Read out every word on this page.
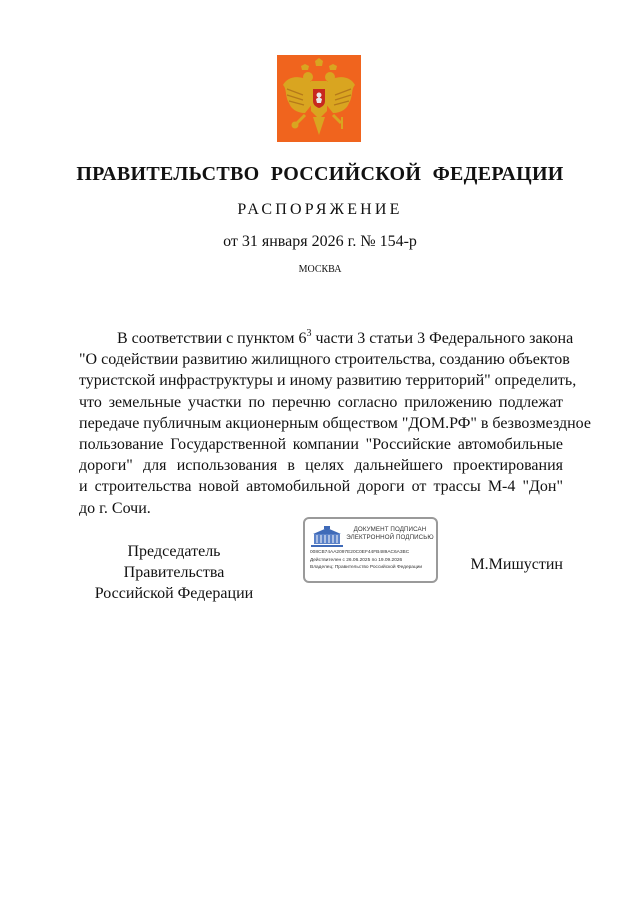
ПРАВИТЕЛЬСТВО РОССИЙСКОЙ ФЕДЕРАЦИИ
РАСПОРЯЖЕНИЕ
от 31 января 2026 г. № 154-р
МОСКВА
В соответствии с пунктом $6^3$ части 3 статьи 3 Федерального закона
"О содействии развитию жилищного строительства, созданию объектов
туристской инфраструктуры и иному развитию территорий" определить,
что земельные участки по перечню согласно приложению подлежат
передаче публичным акционерным обществом "ДОМ.РФ" в безвозмездное
пользование Государственной компании "Российские автомобильные
дороги" для использования в целях дальнейшего проектирования
и строительства новой автомобильной дороги от трассы М-4 "Дон"
до г. Сочи.
Председатель Правительства
Российской Федерации
ДОКУМЕНТ ПОДПИСАН
ЭЛЕКТРОННОЙ ПОДПИСЬЮ
008CB74AA2097E20C0EF44FB489AC6A3BC
Действителен с 26.06.2025 по 19.09.2026
Владелец: Правительство Российской Федерации	М.Мишустин
